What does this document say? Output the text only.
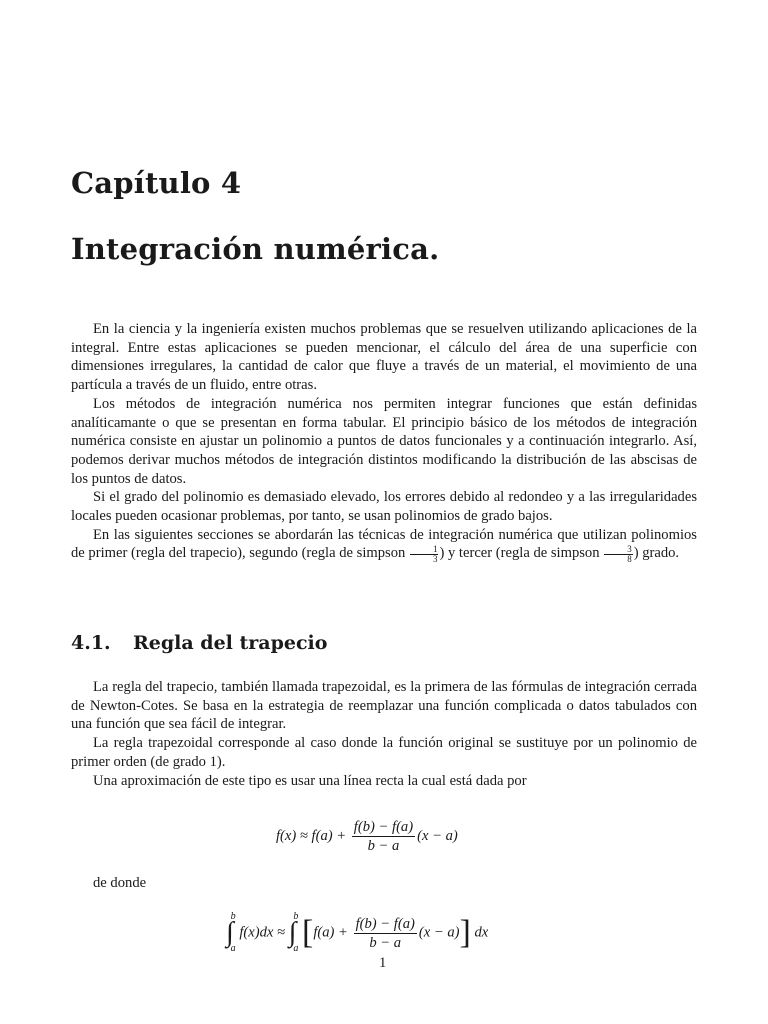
Capítulo 4
Integración numérica.

En la ciencia y la ingeniería existen muchos problemas que se resuelven utilizando aplicaciones de la integral. Entre estas aplicaciones se pueden mencionar, el cálculo del área de una superficie con dimensiones irregulares, la cantidad de calor que fluye a través de un material, el movimiento de una partícula a través de un fluido, entre otras.

Los métodos de integración numérica nos permiten integrar funciones que están definidas analíticamante o que se presentan en forma tabular. El principio básico de los métodos de integración numérica consiste en ajustar un polinomio a puntos de datos funcionales y a continuación integrarlo. Así, podemos derivar muchos métodos de integración distintos modificando la distribución de las abscisas de los puntos de datos.

Si el grado del polinomio es demasiado elevado, los errores debido al redondeo y a las irregularidades locales pueden ocasionar problemas, por tanto, se usan polinomios de grado bajos.

En las siguientes secciones se abordarán las técnicas de integración numérica que utilizan polinomios de primer (regla del trapecio), segundo (regla de simpson $\frac{1}{3}$ ) y tercer (regla de simpson $\frac{3}{8}$ ) grado.

4.1. Regla del trapecio

La regla del trapecio, también llamada trapezoidal, es la primera de las fórmulas de integración cerrada de Newton-Cotes. Se basa en la estrategia de reemplazar una función complicada o datos tabulados con una función que sea fácil de integrar.

La regla trapezoidal corresponde al caso donde la función original se sustituye por un polinomio de primer orden (de grado 1).

Una aproximación de este tipo es usar una línea recta la cual está dada por

$f(x) \approx f(a) + \frac{f(b) - f(a)}{b - a} (x - a)$
de donde
∫
b
a
f(x)dx ≈ ∫
b
a $[f(a) + \frac{f(b) - f(a)}{b - a} (x - a)]$ dx
1
